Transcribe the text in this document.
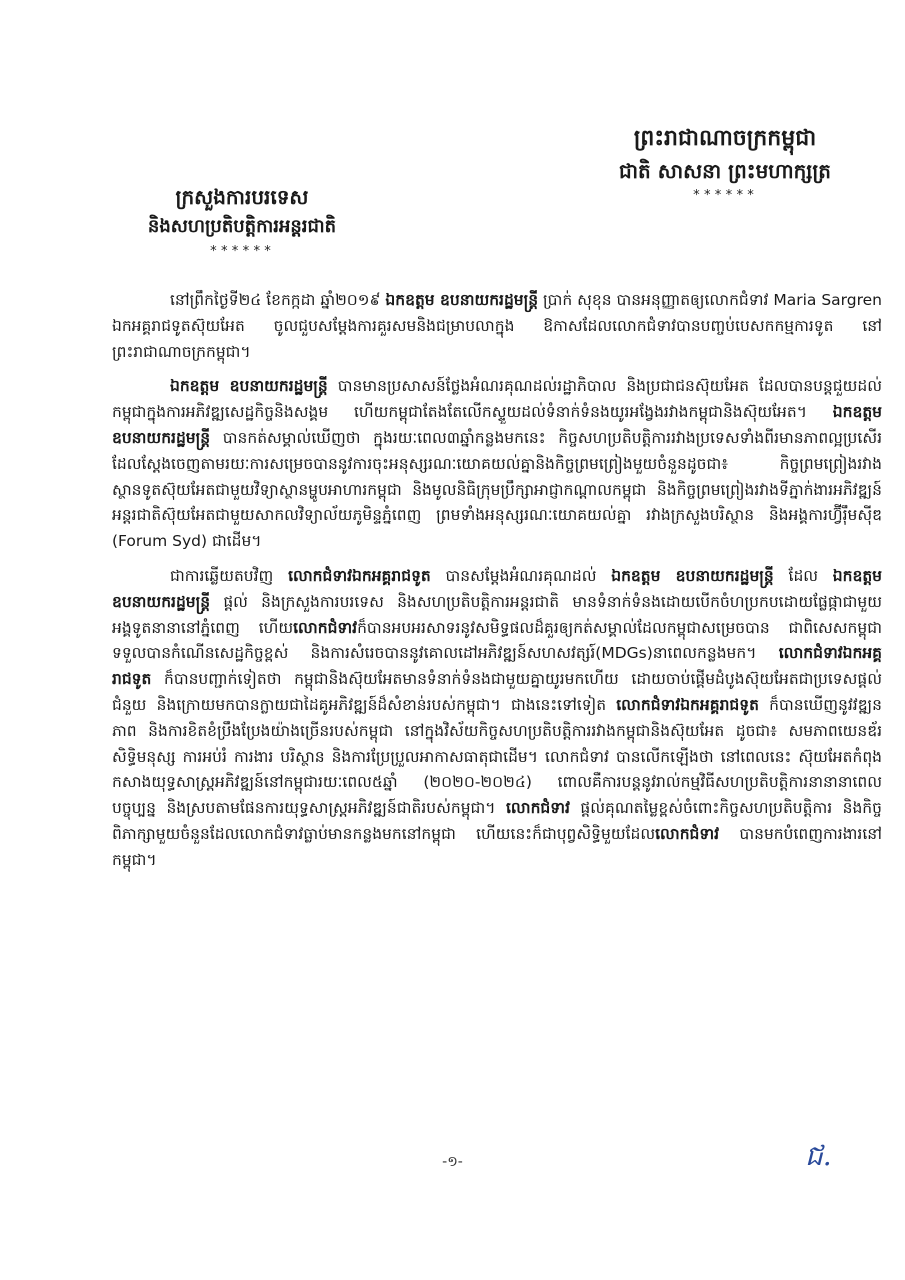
ព្រះរាជាណាចក្រកម្ពុជា
ជាតិ សាសនា ព្រះមហាក្សត្រ
******
ក្រសួងការបរទេស
និងសហប្រតិបត្តិការអន្តរជាតិ
******

នៅព្រឹកថ្ងៃទី២៤ ខែកក្កដា ឆ្នាំ២០១៩ ឯកឧត្តម ឧបនាយករដ្ឋមន្ត្រី ប្រាក់ សុខុន បានអនុញ្ញាតឲ្យលោកជំទាវ Maria Sargren ឯកអគ្គរាជទូតស៊ុយអែត ចូលជួបសម្តែងការគួរសមនិងជម្រាបលាក្នុង ឱកាសដែលលោកជំទាវបានបញ្ចប់បេសកកម្មការទូត នៅព្រះរាជាណាចក្រកម្ពុជា។

ឯកឧត្តម ឧបនាយករដ្ឋមន្ត្រី បានមានប្រសាសន៍ថ្លែងអំណរគុណដល់រដ្ឋាភិបាល និងប្រជាជនស៊ុយអែត ដែលបានបន្តជួយដល់កម្ពុជាក្នុងការអភិវឌ្ឍសេដ្ឋកិច្ចនិងសង្គម ហើយកម្ពុជាតែងតែលើកស្ទួយដល់ទំនាក់ទំនងយូរអង្វែងរវាងកម្ពុជានិងស៊ុយអែត។ ឯកឧត្តម ឧបនាយករដ្ឋមន្ត្រី បានកត់សម្គាល់ឃើញថា ក្នុងរយៈពេល៣ឆ្នាំកន្លងមកនេះ កិច្ចសហប្រតិបត្តិការរវាងប្រទេសទាំងពីរមានភាពល្អប្រសើរ ដែលស្តែងចេញតាមរយៈការសម្រេចបាននូវការចុះអនុស្សរណៈយោគយល់គ្នានិងកិច្ចព្រមព្រៀងមួយចំនួនដូចជា៖ កិច្ចព្រមព្រៀងរវាងស្ថានទូតស៊ុយអែតជាមួយវិទ្យាស្ថានម្ហូបអាហារកម្ពុជា និងមូលនិធិក្រុមប្រឹក្សាអាជ្ញាកណ្តាលកម្ពុជា និងកិច្ចព្រមព្រៀងរវាងទីភ្នាក់ងារអភិវឌ្ឍន៍អន្តរជាតិស៊ុយអែតជាមួយសាកលវិទ្យាល័យភូមិន្ទភ្នំពេញ ព្រមទាំងអនុស្សរណៈយោគយល់គ្នា រវាងក្រសួងបរិស្ថាន និងអង្គការហ្វ៊ីរ៉ឹមស៊ីឌ (Forum Syd) ជាដើម។

ជាការឆ្លើយតបវិញ លោកជំទាវឯកអគ្គរាជទូត បានសម្តែងអំណរគុណដល់ ឯកឧត្តម ឧបនាយករដ្ឋមន្ត្រី ដែល ឯកឧត្តម ឧបនាយករដ្ឋមន្ត្រី ផ្តល់ និងក្រសួងការបរទេស និងសហប្រតិបត្តិការអន្តរជាតិ មានទំនាក់ទំនងដោយបើកចំហប្រកបដោយផ្លែផ្កាជាមួយអង្គទូតនានានៅភ្នំពេញ ហើយលោកជំទាវក៏បានអបអរសាទរនូវសមិទ្ធផលដ៏គួរឲ្យកត់សម្គាល់ដែលកម្ពុជាសម្រេចបាន ជាពិសេសកម្ពុជាទទួលបានកំណើនសេដ្ឋកិច្ចខ្ពស់ និងការសំរេចបាននូវគោលដៅអភិវឌ្ឍន៍សហសវត្សរ៍(MDGs)នាពេលកន្លងមក។ លោកជំទាវឯកអគ្គរាជទូត ក៏បានបញ្ជាក់ទៀតថា កម្ពុជានិងស៊ុយអែតមានទំនាក់ទំនងជាមួយគ្នាយូរមកហើយ ដោយចាប់ផ្តើមដំបូងស៊ុយអែតជាប្រទេសផ្តល់ជំនួយ និងក្រោយមកបានក្លាយជាដៃគូអភិវឌ្ឍន៍ដ៏សំខាន់របស់កម្ពុជា។ ជាងនេះទៅទៀត លោកជំទាវឯកអគ្គរាជទូត ក៏បានឃើញនូវវឌ្ឍនភាព និងការខិតខំប្រឹងប្រែងយ៉ាងច្រើនរបស់កម្ពុជា នៅក្នុងវិស័យកិច្ចសហប្រតិបត្តិការរវាងកម្ពុជានិងស៊ុយអែត ដូចជា៖ សមភាពយេនឌ័រ សិទ្ធិមនុស្ស ការអប់រំ ការងារ បរិស្ថាន និងការប្រែប្រួលអាកាសធាតុជាដើម។ លោកជំទាវ បានលើកឡើងថា នៅពេលនេះ ស៊ុយអែតកំពុងកសាងយុទ្ធសាស្ត្រអភិវឌ្ឍន៍នៅកម្ពុជារយៈពេល៥ឆ្នាំ (២០២០-២០២៤) ពោលគឺការបន្តនូវរាល់កម្មវិធីសហប្រតិបត្តិការនានានាពេលបច្ចុប្បន្ន និងស្របតាមផែនការយុទ្ធសាស្ត្រអភិវឌ្ឍន៍ជាតិរបស់កម្ពុជា។ លោកជំទាវ ផ្តល់គុណតម្លៃខ្ពស់ចំពោះកិច្ចសហប្រតិបត្តិការ និងកិច្ចពិភាក្សាមួយចំនួនដែលលោកជំទាវធ្លាប់មានកន្លងមកនៅកម្ពុជា ហើយនេះក៏ជាបុព្វសិទ្ធិមួយដែលលោកជំទាវ បានមកបំពេញការងារនៅកម្ពុជា។

-១-	ជ.
